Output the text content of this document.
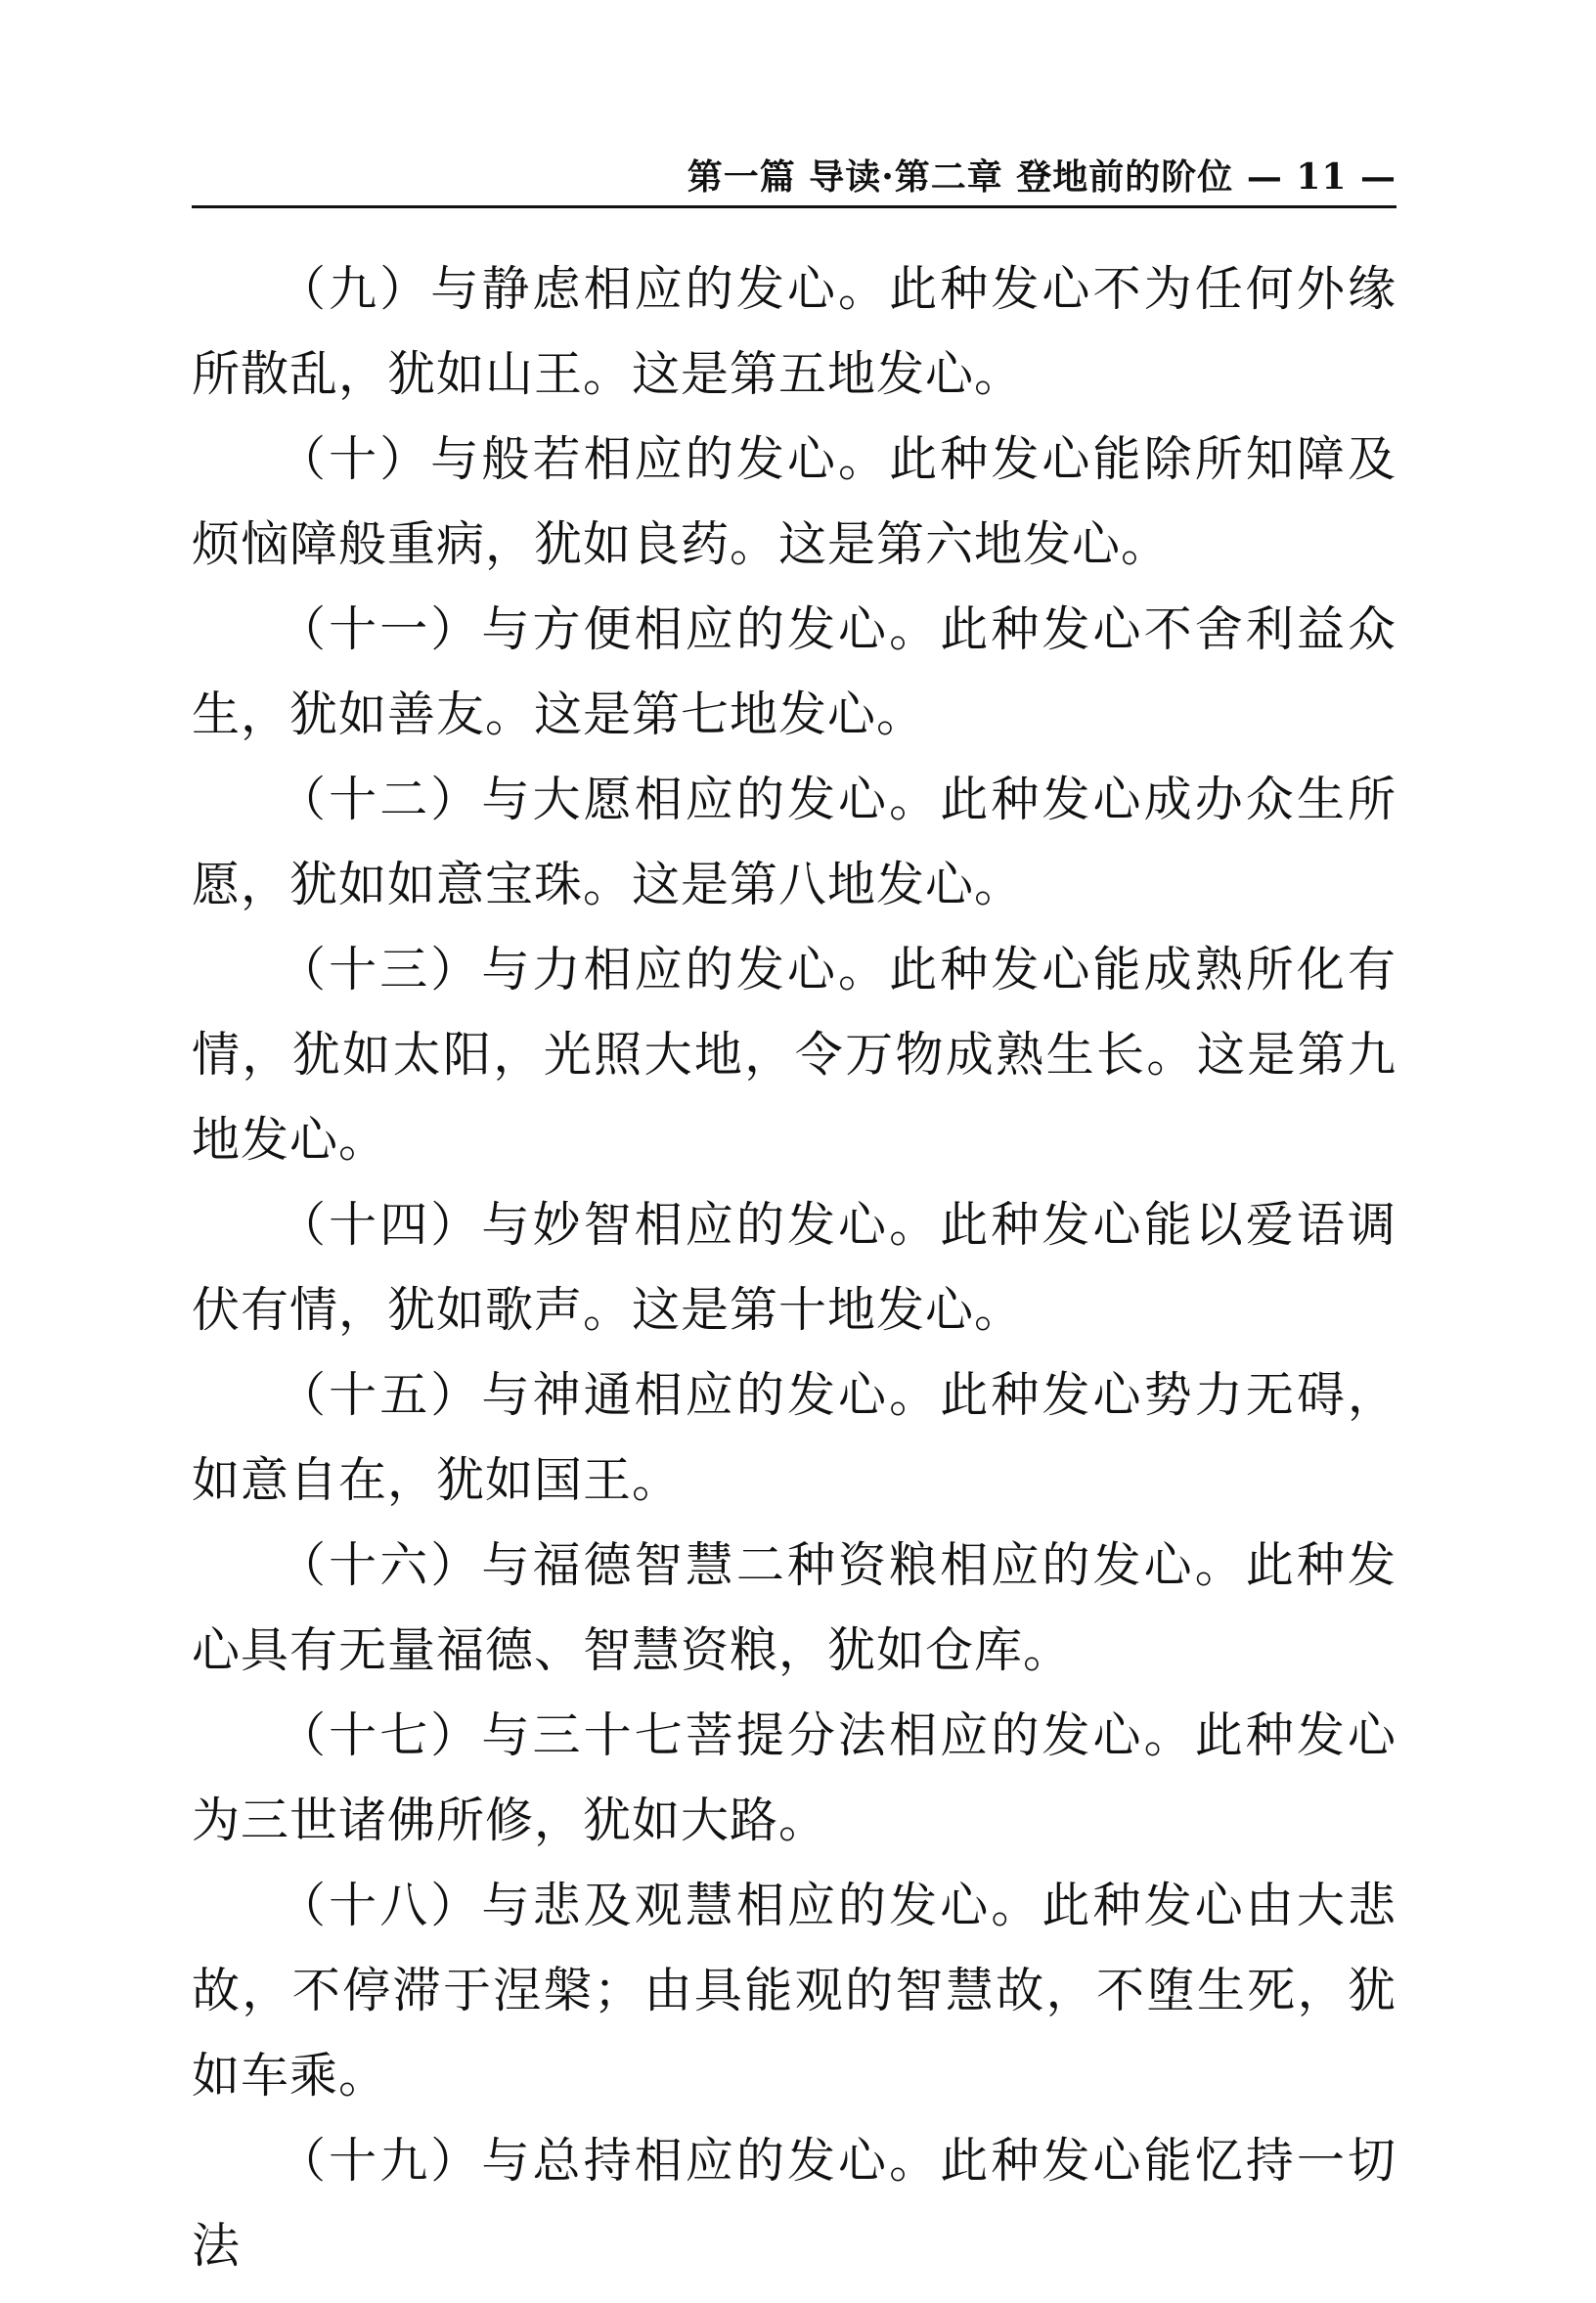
第一篇 导读·第二章 登地前的阶位 — 11 —

（九）与静虑相应的发心。此种发心不为任何外缘所散乱，犹如山王。这是第五地发心。

（十）与般若相应的发心。此种发心能除所知障及烦恼障般重病，犹如良药。这是第六地发心。

（十一）与方便相应的发心。此种发心不舍利益众生，犹如善友。这是第七地发心。

（十二）与大愿相应的发心。此种发心成办众生所愿，犹如如意宝珠。这是第八地发心。

（十三）与力相应的发心。此种发心能成熟所化有情，犹如太阳，光照大地，令万物成熟生长。这是第九地发心。

（十四）与妙智相应的发心。此种发心能以爱语调伏有情，犹如歌声。这是第十地发心。

（十五）与神通相应的发心。此种发心势力无碍，如意自在，犹如国王。

（十六）与福德智慧二种资粮相应的发心。此种发心具有无量福德、智慧资粮，犹如仓库。

（十七）与三十七菩提分法相应的发心。此种发心为三世诸佛所修，犹如大路。

（十八）与悲及观慧相应的发心。此种发心由大悲故，不停滞于涅槃；由具能观的智慧故，不堕生死，犹如车乘。

（十九）与总持相应的发心。此种发心能忆持一切法
